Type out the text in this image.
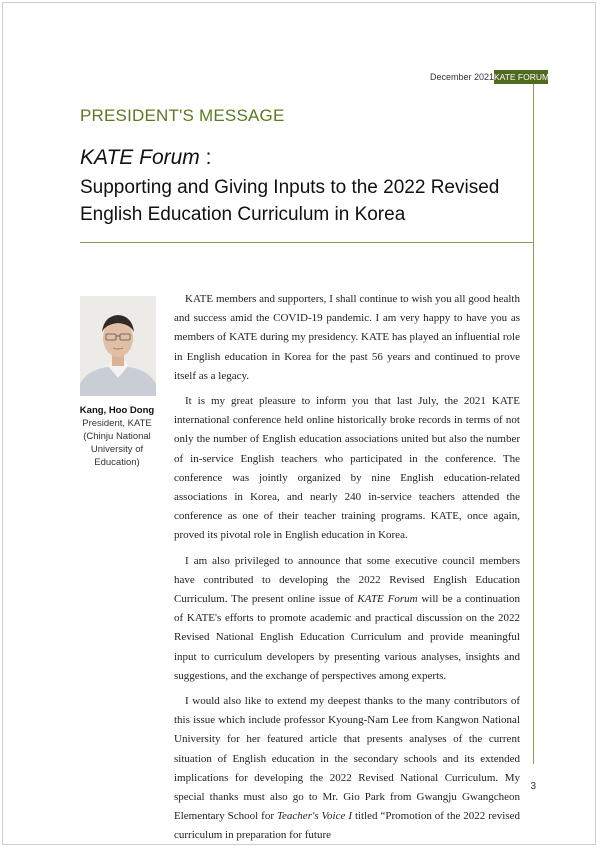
December 2021 KATE FORUM
PRESIDENT'S MESSAGE
KATE Forum :
Supporting and Giving Inputs to the 2022 Revised
English Education Curriculum in Korea
Kang, Hoo Dong
President, KATE
(Chinju National
University of
Education)

KATE members and supporters, I shall continue to wish you all good health and success amid the COVID-19 pandemic. I am very happy to have you as members of KATE during my presidency. KATE has played an influential role in English education in Korea for the past 56 years and continued to prove itself as a legacy.

It is my great pleasure to inform you that last July, the 2021 KATE international conference held online historically broke records in terms of not only the number of English education associations united but also the number of in-service English teachers who participated in the conference. The conference was jointly organized by nine English education-related associations in Korea, and nearly 240 in-service teachers attended the conference as one of their teacher training programs. KATE, once again, proved its pivotal role in English education in Korea.

I am also privileged to announce that some executive council members have contributed to developing the 2022 Revised English Education Curriculum. The present online issue of KATE Forum will be a continuation of KATE's efforts to promote academic and practical discussion on the 2022 Revised National English Education Curriculum and provide meaningful input to curriculum developers by presenting various analyses, insights and suggestions, and the exchange of perspectives among experts.

I would also like to extend my deepest thanks to the many contributors of this issue which include professor Kyoung-Nam Lee from Kangwon National University for her featured article that presents analyses of the current situation of English education in the secondary schools and its extended implications for developing the 2022 Revised National Curriculum. My special thanks must also go to Mr. Gio Park from Gwangju Gwangcheon Elementary School for Teacher's Voice I titled “Promotion of the 2022 revised curriculum in preparation for future

3
